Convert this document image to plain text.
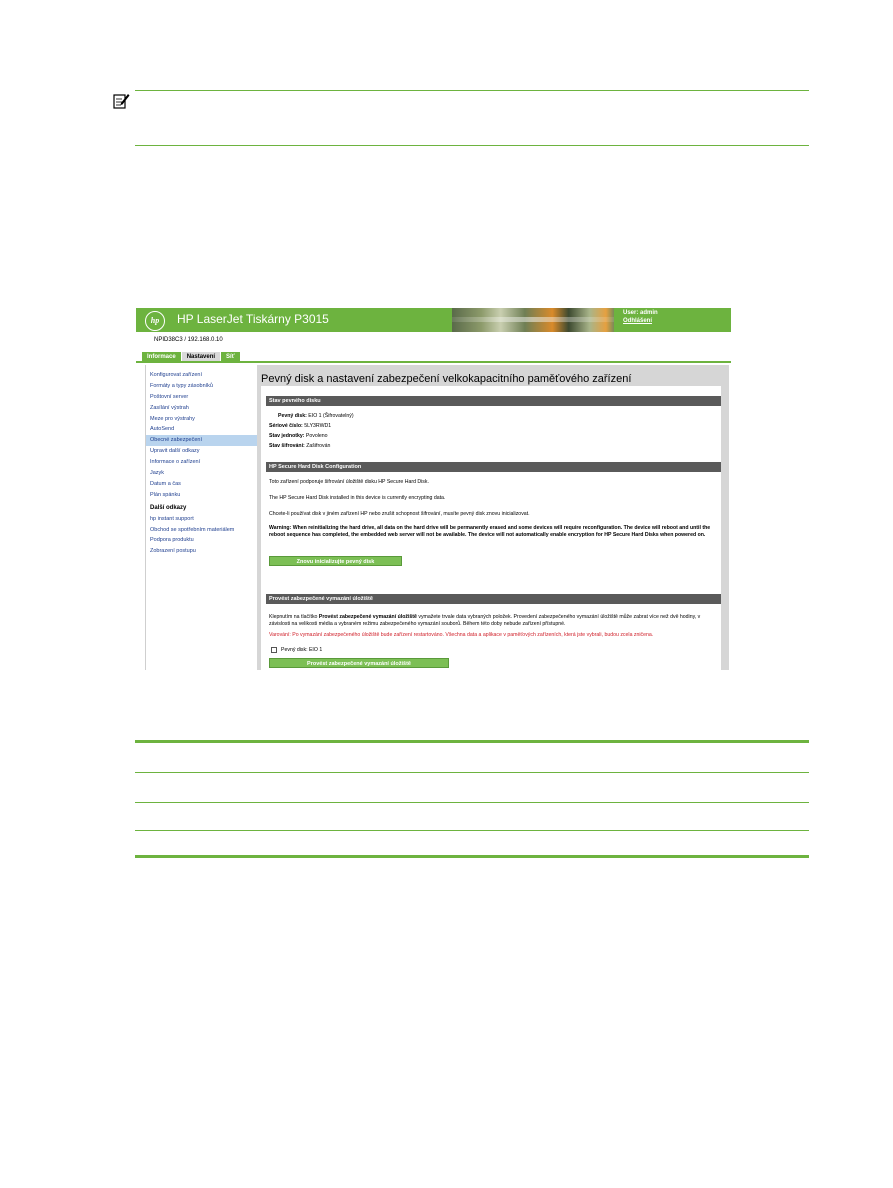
hp	HP LaserJet Tiskárny P3015	User: admin
Odhlášení
NPID38C3 / 192.168.0.10
Informace	Nastavení	Síť
Konfigurovat zařízení
Formáty a typy zásobníků
Poštovní server
Zasílání výstrah
Meze pro výstrahy
AutoSend
Obecné zabezpečení
Upravit další odkazy
Informace o zařízení
Jazyk
Datum a čas
Plán spánku
Další odkazy
hp instant support
Obchod se spotřebním materiálem
Podpora produktu
Zobrazení postupu
Pevný disk a nastavení zabezpečení velkokapacitního paměťového zařízení
Stav pevného disku
Pevný disk: EIO 1 (Šifrovatelný)
Sériové číslo: 5LY3RWD1
Stav jednotky: Povoleno
Stav šifrování: Zašifrován
HP Secure Hard Disk Configuration
Toto zařízení podporuje šifrování úložiště disku HP Secure Hard Disk.
The HP Secure Hard Disk installed in this device is currently encrypting data.
Chcete-li používat disk v jiném zařízení HP nebo zrušit schopnost šifrování, musíte pevný disk znovu inicializovat.
Warning: When reinitializing the hard drive, all data on the hard drive will be permanently erased and some devices will require reconfiguration. The device will reboot and until the reboot sequence has completed, the embedded web server will not be available. The device will not automatically enable encryption for HP Secure Hard Disks when powered on.
Znovu inicializujte pevný disk
Provést zabezpečené vymazání úložiště
Klepnutím na tlačítko Provést zabezpečené vymazání úložiště vymažete trvale data vybraných položek. Provedení zabezpečeného vymazání úložiště může zabrat více než dvě hodiny, v závislosti na velikosti média a vybraném režimu zabezpečeného vymazání souborů. Během této doby nebude zařízení přístupné.
Varování: Po vymazání zabezpečeného úložiště bude zařízení restartováno. Všechna data a aplikace v paměťových zařízeních, která jste vybrali, budou zcela zničena.
Pevný disk: EIO 1
Provést zabezpečené vymazání úložiště
